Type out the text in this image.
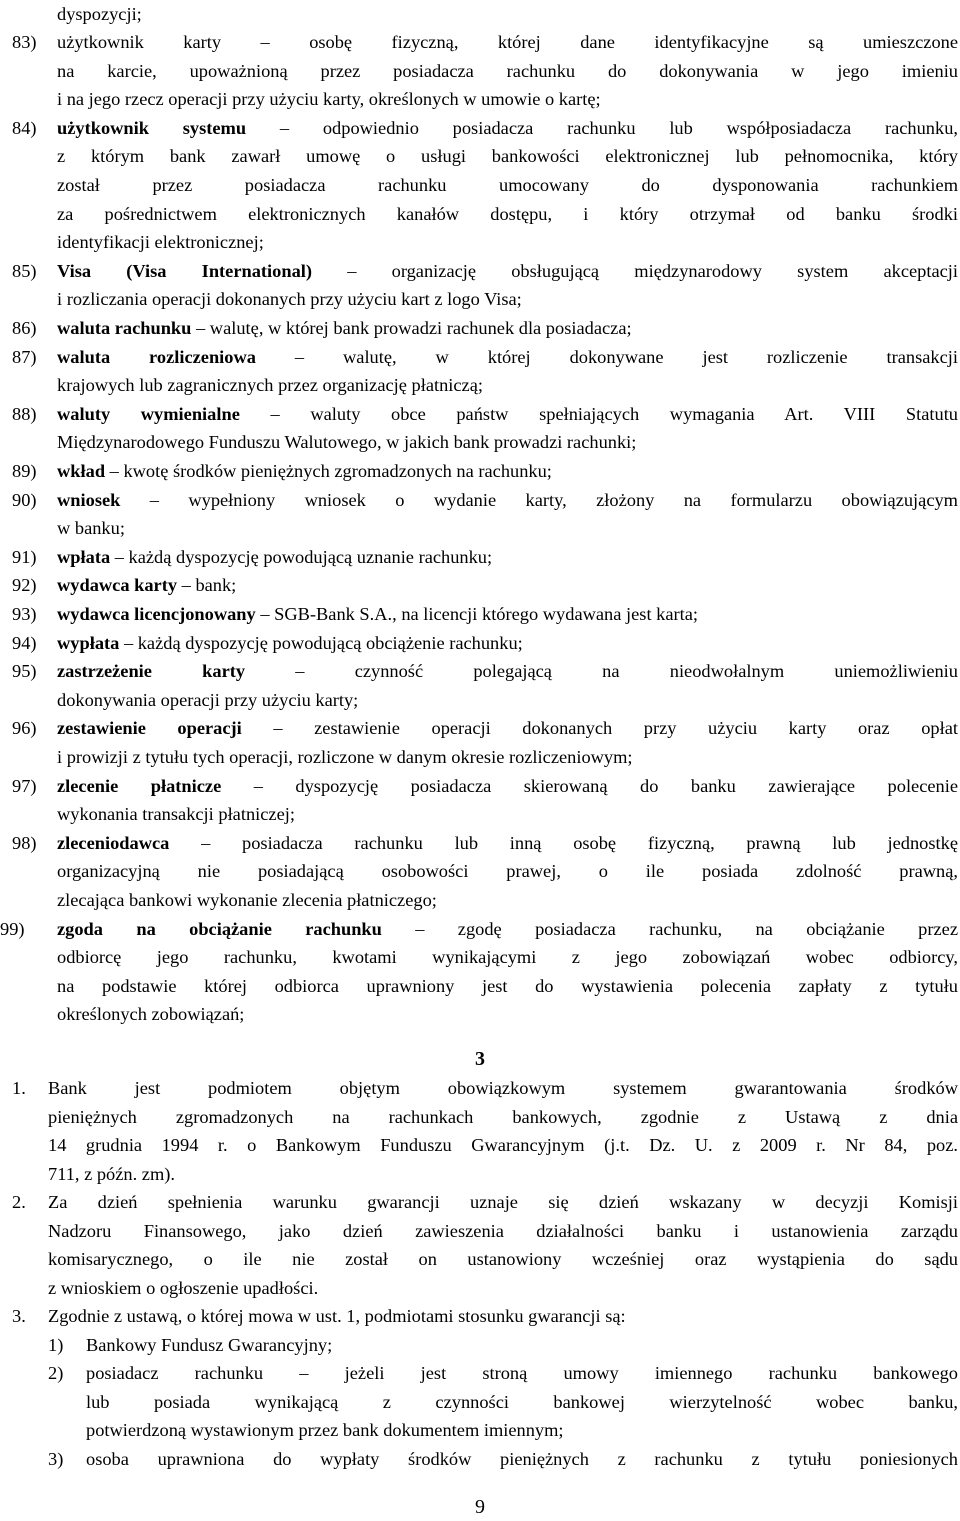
dyspozycji;
83) użytkownik karty – osobę fizyczną, której dane identyfikacyjne są umieszczone
na karcie, upoważnioną przez posiadacza rachunku do dokonywania w jego imieniu
i na jego rzecz operacji przy użyciu karty, określonych w umowie o kartę;
84) użytkownik systemu – odpowiednio posiadacza rachunku lub współposiadacza rachunku,
z którym bank zawarł umowę o usługi bankowości elektronicznej lub pełnomocnika, który
został przez posiadacza rachunku umocowany do dysponowania rachunkiem
za pośrednictwem elektronicznych kanałów dostępu, i który otrzymał od banku środki
identyfikacji elektronicznej;
85) Visa (Visa International) – organizację obsługującą międzynarodowy system akceptacji
i rozliczania operacji dokonanych przy użyciu kart z logo Visa;
86) waluta rachunku – walutę, w której bank prowadzi rachunek dla posiadacza;
87) waluta rozliczeniowa – walutę, w której dokonywane jest rozliczenie transakcji
krajowych lub zagranicznych przez organizację płatniczą;
88) waluty wymienialne – waluty obce państw spełniających wymagania Art. VIII Statutu
Międzynarodowego Funduszu Walutowego, w jakich bank prowadzi rachunki;
89) wkład – kwotę środków pieniężnych zgromadzonych na rachunku;
90) wniosek – wypełniony wniosek o wydanie karty, złożony na formularzu obowiązującym
w banku;
91) wpłata – każdą dyspozycję powodującą uznanie rachunku;
92) wydawca karty – bank;
93) wydawca licencjonowany – SGB-Bank S.A., na licencji którego wydawana jest karta;
94) wypłata – każdą dyspozycję powodującą obciążenie rachunku;
95) zastrzeżenie karty – czynność polegającą na nieodwołalnym uniemożliwieniu
dokonywania operacji przy użyciu karty;
96) zestawienie operacji – zestawienie operacji dokonanych przy użyciu karty oraz opłat
i prowizji z tytułu tych operacji, rozliczone w danym okresie rozliczeniowym;
97) zlecenie płatnicze – dyspozycję posiadacza skierowaną do banku zawierające polecenie
wykonania transakcji płatniczej;
98) zleceniodawca – posiadacza rachunku lub inną osobę fizyczną, prawną lub jednostkę
organizacyjną nie posiadającą osobowości prawej, o ile posiada zdolność prawną,
zlecająca bankowi wykonanie zlecenia płatniczego;
99) zgoda na obciążanie rachunku – zgodę posiadacza rachunku, na obciążanie przez
odbiorcę jego rachunku, kwotami wynikającymi z jego zobowiązań wobec odbiorcy,
na podstawie której odbiorca uprawniony jest do wystawienia polecenia zapłaty z tytułu
określonych zobowiązań;
3
1. Bank jest podmiotem objętym obowiązkowym systemem gwarantowania środków
pieniężnych zgromadzonych na rachunkach bankowych, zgodnie z Ustawą z dnia
14 grudnia 1994 r. o Bankowym Funduszu Gwarancyjnym (j.t. Dz. U. z 2009 r. Nr 84, poz.
711, z późn. zm).
2. Za dzień spełnienia warunku gwarancji uznaje się dzień wskazany w decyzji Komisji
Nadzoru Finansowego, jako dzień zawieszenia działalności banku i ustanowienia zarządu
komisarycznego, o ile nie został on ustanowiony wcześniej oraz wystąpienia do sądu
z wnioskiem o ogłoszenie upadłości.
3. Zgodnie z ustawą, o której mowa w ust. 1, podmiotami stosunku gwarancji są:
1) Bankowy Fundusz Gwarancyjny;
2) posiadacz rachunku – jeżeli jest stroną umowy imiennego rachunku bankowego
lub posiada wynikającą z czynności bankowej wierzytelność wobec banku,
potwierdzoną wystawionym przez bank dokumentem imiennym;
3) osoba uprawniona do wypłaty środków pieniężnych z rachunku z tytułu poniesionych
9
